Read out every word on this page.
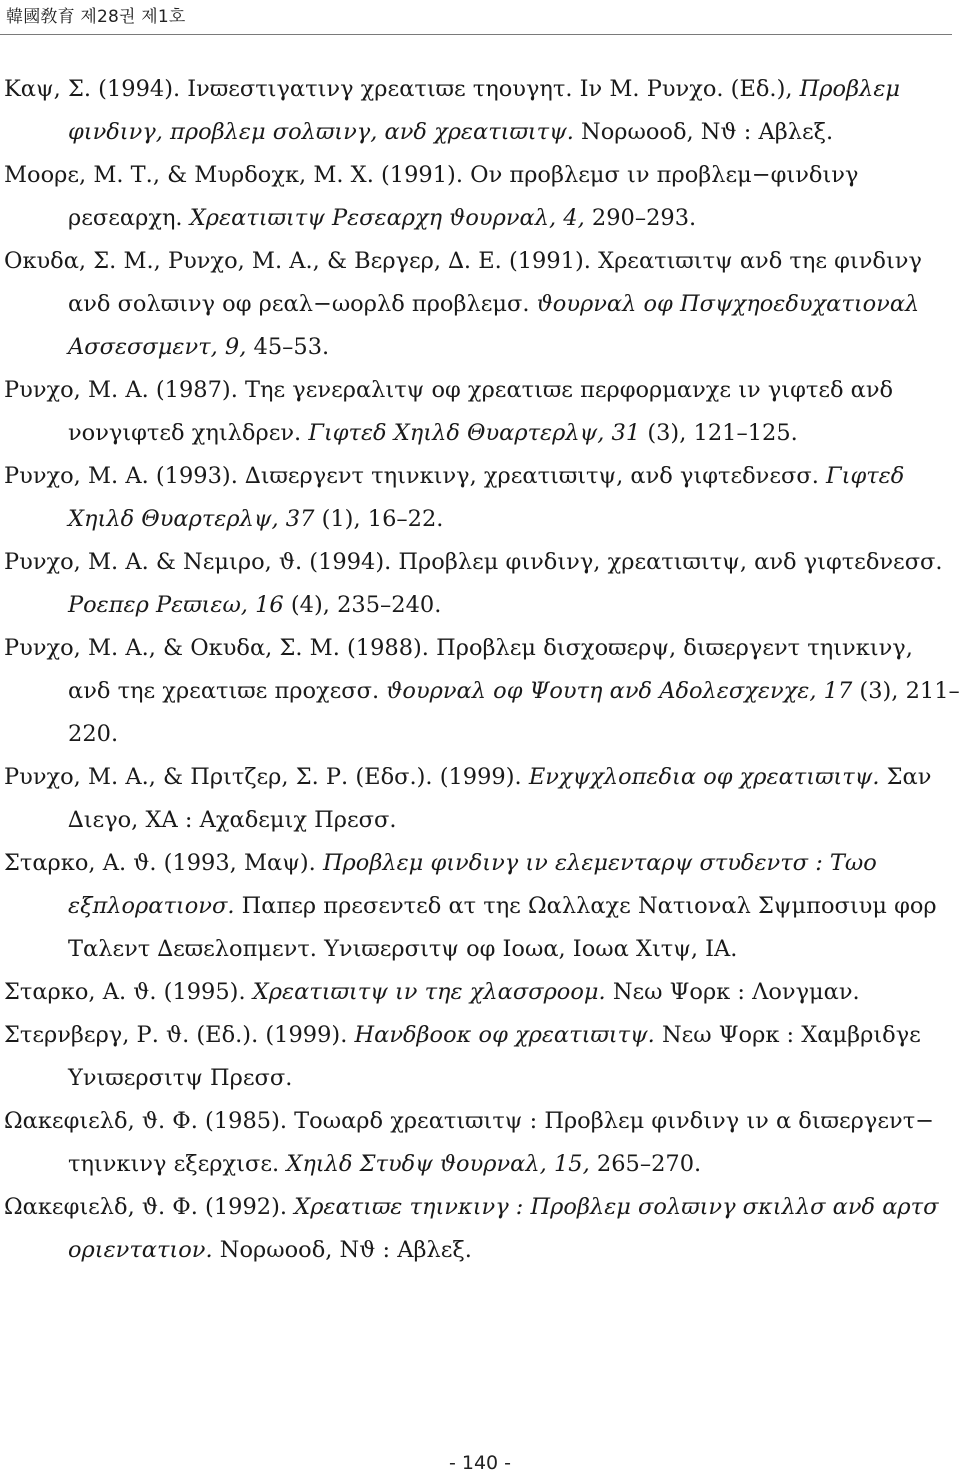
韓國敎育 제28권 제1호

Καψ, Σ. (1994). Ινϖεστιγατινγ χρεατιϖε τηουγητ. Ιν Μ. Ρυνχο. (Εδ.), Προβλεμ φινδινγ, προβλεμ σολϖινγ, ανδ χρεατιϖιτψ. Νορωοοδ, Νϑ : Αβλεξ.

Μοορε, Μ. Τ., & Μυρδοχκ, Μ. Χ. (1991). Ον προβλεμσ ιν προβλεμ−φινδινγ ρεσεαρχη. Χρεατιϖιτψ Ρεσεαρχη ϑουρναλ, 4, 290–293.

Οκυδα, Σ. Μ., Ρυνχο, Μ. Α., & Βεργερ, ∆. Ε. (1991). Χρεατιϖιτψ ανδ τηε φινδινγ ανδ σολϖινγ οφ ρεαλ−ωορλδ προβλεμσ. ϑουρναλ οφ Πσψχηοεδυχατιοναλ Ασσεσσμεντ, 9, 45–53.

Ρυνχο, Μ. Α. (1987). Τηε γενεραλιτψ οφ χρεατιϖε περφορμανχε ιν γιφτεδ ανδ νονγιφτεδ χηιλδρεν. Γιφτεδ Χηιλδ Θυαρτερλψ, 31 (3), 121–125.

Ρυνχο, Μ. Α. (1993). ∆ιϖεργεντ τηινκινγ, χρεατιϖιτψ, ανδ γιφτεδνεσσ. Γιφτεδ Χηιλδ Θυαρτερλψ, 37 (1), 16–22.

Ρυνχο, Μ. Α. & Νεμιρο, ϑ. (1994). Προβλεμ φινδινγ, χρεατιϖιτψ, ανδ γιφτεδνεσσ. Ροεπερ Ρεϖιεω, 16 (4), 235–240.

Ρυνχο, Μ. Α., & Οκυδα, Σ. Μ. (1988). Προβλεμ δισχοϖερψ, διϖεργεντ τηινκινγ, ανδ τηε χρεατιϖε προχεσσ. ϑουρναλ οφ Ψουτη ανδ Αδολεσχενχε, 17 (3), 211–220.

Ρυνχο, Μ. Α., & Πριτζερ, Σ. Ρ. (Εδσ.). (1999). Ενχψχλοπεδια οφ χρεατιϖιτψ. Σαν ∆ιεγο, ΧΑ : Αχαδεμιχ Πρεσσ.

Σταρκο, Α. ϑ. (1993, Μαψ). Προβλεμ φινδινγ ιν ελεμενταρψ στυδεντσ : Τωο εξπλορατιονσ. Παπερ πρεσεντεδ ατ τηε Ωαλλαχε Νατιοναλ Σψμποσιυμ φορ Ταλεντ ∆εϖελοπμεντ. Υνιϖερσιτψ οφ Ιοωα, Ιοωα Χιτψ, ΙΑ.

Σταρκο, Α. ϑ. (1995). Χρεατιϖιτψ ιν τηε χλασσροομ. Νεω Ψορκ : Λονγμαν.

Στερνβεργ, Ρ. ϑ. (Εδ.). (1999). Ηανδβοοκ οφ χρεατιϖιτψ. Νεω Ψορκ : Χαμβριδγε Υνιϖερσιτψ Πρεσσ.

Ωακεφιελδ, ϑ. Φ. (1985). Τοωαρδ χρεατιϖιτψ : Προβλεμ φινδινγ ιν α διϖεργεντ− τηινκινγ εξερχισε. Χηιλδ Στυδψ ϑουρναλ, 15, 265–270.

Ωακεφιελδ, ϑ. Φ. (1992). Χρεατιϖε τηινκινγ : Προβλεμ σολϖινγ σκιλλσ ανδ αρτσ οριεντατιον. Νορωοοδ, Νϑ : Αβλεξ.

- 140 -
